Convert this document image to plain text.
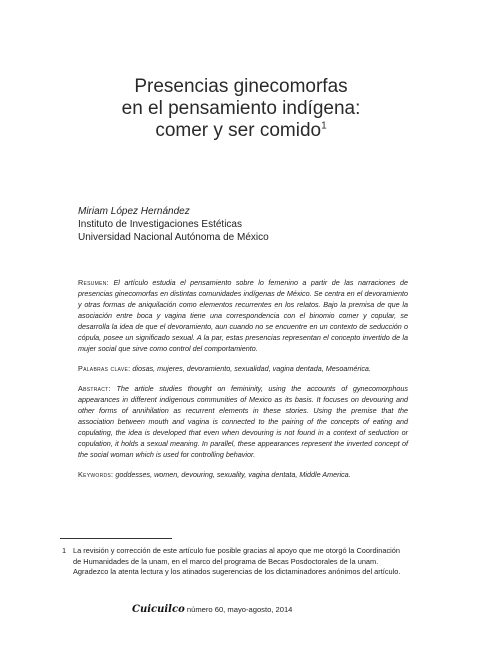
Presencias ginecomorfas
en el pensamiento indígena:
comer y ser comido$^1$
Miriam López Hernández
Instituto de Investigaciones Estéticas
Universidad Nacional Autónoma de México

Resumen: El artículo estudia el pensamiento sobre lo femenino a partir de las narraciones de presencias ginecomorfas en distintas comunidades indígenas de México. Se centra en el devoramiento y otras formas de aniquilación como elementos recurrentes en los relatos. Bajo la premisa de que la asociación entre boca y vagina tiene una correspondencia con el binomio comer y copular, se desarrolla la idea de que el devoramiento, aun cuando no se encuentre en un contexto de seducción o cópula, posee un significado sexual. A la par, estas presencias representan el concepto invertido de la mujer social que sirve como control del comportamiento.

Palabras clave: diosas, mujeres, devoramiento, sexualidad, vagina dentada, Mesoamérica.

Abstract: The article studies thought on femininity, using the accounts of gynecomorphous appearances in different indigenous communities of Mexico as its basis. It focuses on devouring and other forms of annihilation as recurrent elements in these stories. Using the premise that the association between mouth and vagina is connected to the pairing of the concepts of eating and copulating, the idea is developed that even when devouring is not found in a context of seduction or copulation, it holds a sexual meaning. In parallel, these appearances represent the inverted concept of the social woman which is used for controlling behavior.

Keywords: goddesses, women, devouring, sexuality, vagina dentata, Middle America.

1 La revisión y corrección de este artículo fue posible gracias al apoyo que me otorgó la Coordinación de Humanidades de la unam, en el marco del programa de Becas Posdoctorales de la unam. Agradezco la atenta lectura y los atinados sugerencias de los dictaminadores anónimos del artículo.
Cuicuilco número 60, mayo-agosto, 2014
